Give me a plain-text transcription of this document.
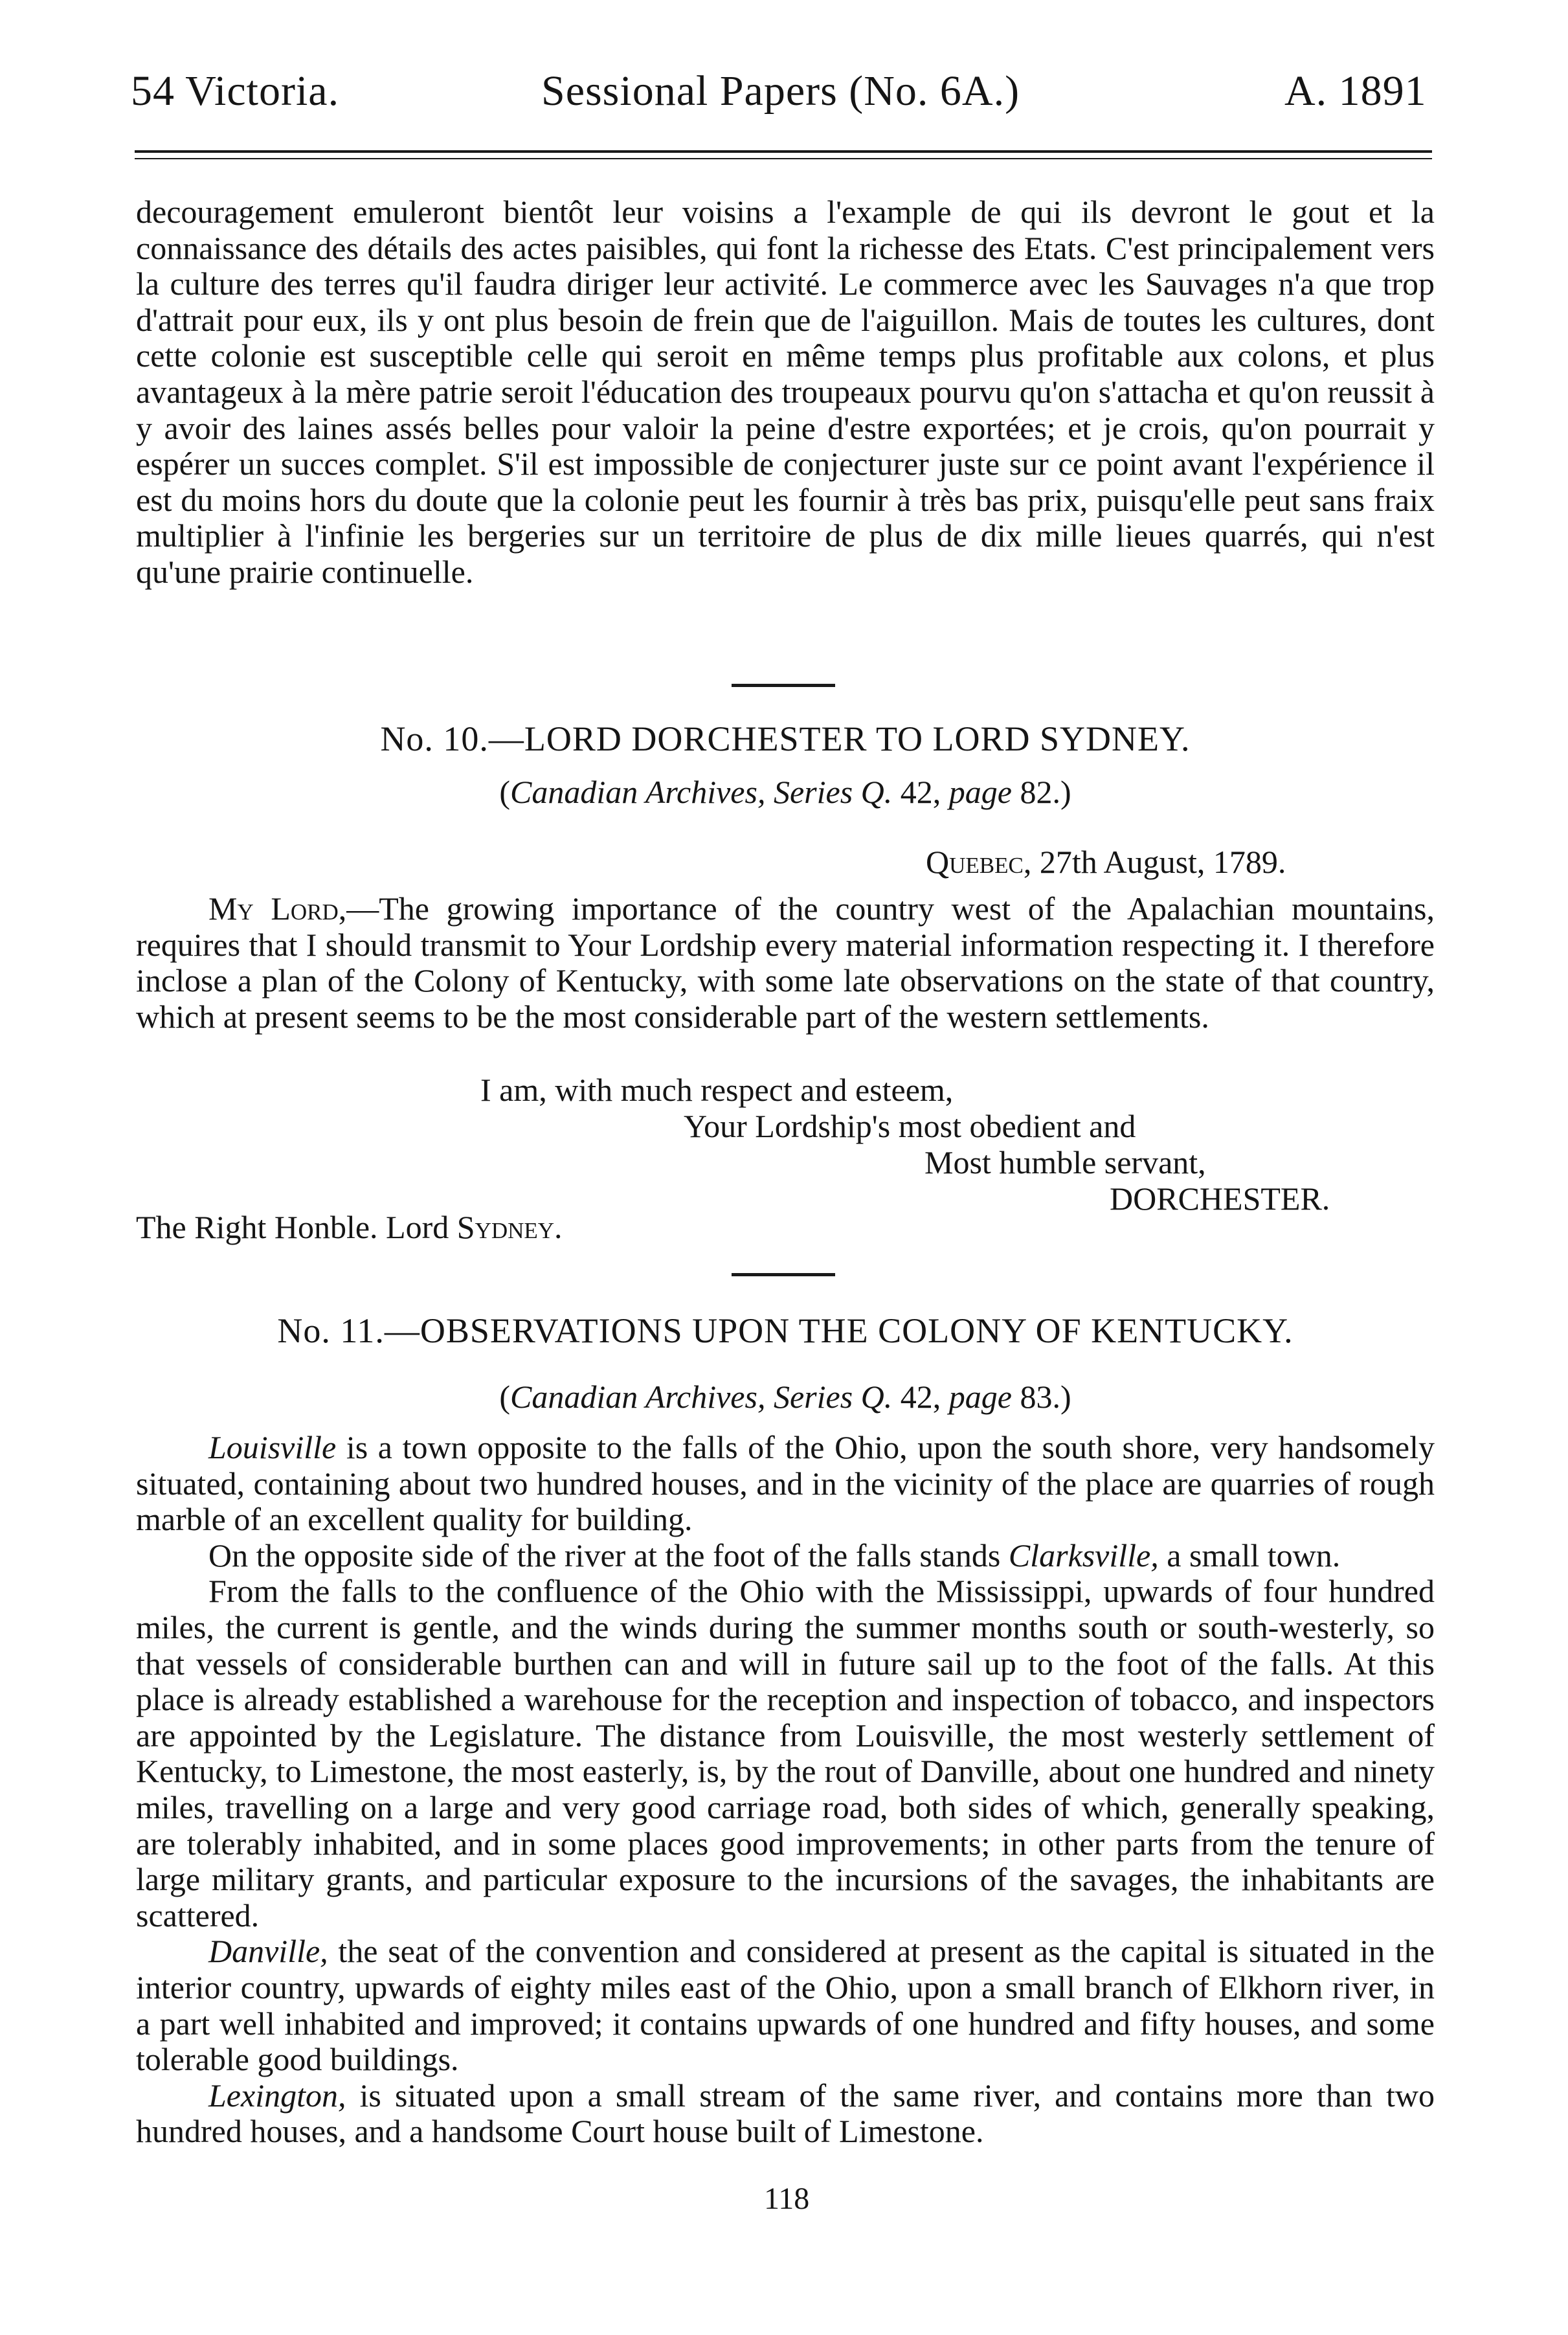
54 Victoria.	Sessional Papers (No. 6A.)	A. 1891

decouragement emuleront bientôt leur voisins a l'example de qui ils devront le gout et la connaissance des détails des actes paisibles, qui font la richesse des Etats. C'est principalement vers la culture des terres qu'il faudra diriger leur activité. Le commerce avec les Sauvages n'a que trop d'attrait pour eux, ils y ont plus besoin de frein que de l'aiguillon. Mais de toutes les cultures, dont cette colonie est susceptible celle qui seroit en même temps plus profitable aux colons, et plus avantageux à la mère patrie seroit l'éducation des troupeaux pourvu qu'on s'attacha et qu'on reussit à y avoir des laines assés belles pour valoir la peine d'estre exportées; et je crois, qu'on pourrait y espérer un succes complet. S'il est impossible de conjecturer juste sur ce point avant l'expérience il est du moins hors du doute que la colonie peut les fournir à très bas prix, puisqu'elle peut sans fraix multiplier à l'infinie les bergeries sur un territoire de plus de dix mille lieues quarrés, qui n'est qu'une prairie continuelle.

No. 10.—LORD DORCHESTER TO LORD SYDNEY.
(Canadian Archives, Series Q. 42, page 82.)
Quebec, 27th August, 1789.

My Lord,—The growing importance of the country west of the Apalachian mountains, requires that I should transmit to Your Lordship every material information respecting it. I therefore inclose a plan of the Colony of Kentucky, with some late observations on the state of that country, which at present seems to be the most considerable part of the western settlements.

I am, with much respect and esteem,
Your Lordship's most obedient and
Most humble servant,
DORCHESTER.
The Right Honble. Lord Sydney.
No. 11.—OBSERVATIONS UPON THE COLONY OF KENTUCKY.
(Canadian Archives, Series Q. 42, page 83.)

Louisville is a town opposite to the falls of the Ohio, upon the south shore, very handsomely situated, containing about two hundred houses, and in the vicinity of the place are quarries of rough marble of an excellent quality for building.

On the opposite side of the river at the foot of the falls stands Clarksville, a small town.

From the falls to the confluence of the Ohio with the Mississippi, upwards of four hundred miles, the current is gentle, and the winds during the summer months south or south-westerly, so that vessels of considerable burthen can and will in future sail up to the foot of the falls. At this place is already established a warehouse for the reception and inspection of tobacco, and inspectors are appointed by the Legislature. The distance from Louisville, the most westerly settlement of Kentucky, to Limestone, the most easterly, is, by the rout of Danville, about one hundred and ninety miles, travelling on a large and very good carriage road, both sides of which, generally speaking, are tolerably inhabited, and in some places good improvements; in other parts from the tenure of large military grants, and particular exposure to the incursions of the savages, the inhabitants are scattered.

Danville, the seat of the convention and considered at present as the capital is situated in the interior country, upwards of eighty miles east of the Ohio, upon a small branch of Elkhorn river, in a part well inhabited and improved; it contains upwards of one hundred and fifty houses, and some tolerable good buildings.

Lexington, is situated upon a small stream of the same river, and contains more than two hundred houses, and a handsome Court house built of Limestone.

118
